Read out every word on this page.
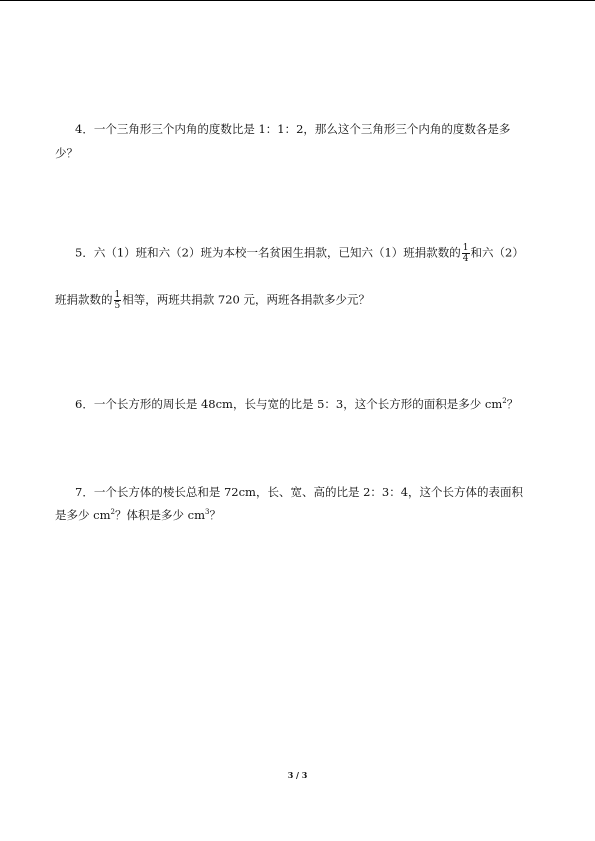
4．一个三角形三个内角的度数比是 1：1：2，那么这个三角形三个内角的度数各是多
少？
5．六（1）班和六（2）班为本校一名贫困生捐款，已知六（1）班捐款数的 $\frac{1}{4}$ 和六（2）
班捐款数的 $\frac{1}{5}$ 相等，两班共捐款 720 元，两班各捐款多少元？
6．一个长方形的周长是 48cm，长与宽的比是 5：3，这个长方形的面积是多少 $cm^2$？
7．一个长方体的棱长总和是 72cm，长、宽、高的比是 2：3：4，这个长方体的表面积
是多少 $cm^2$？体积是多少 $cm^3$？
3 / 3
